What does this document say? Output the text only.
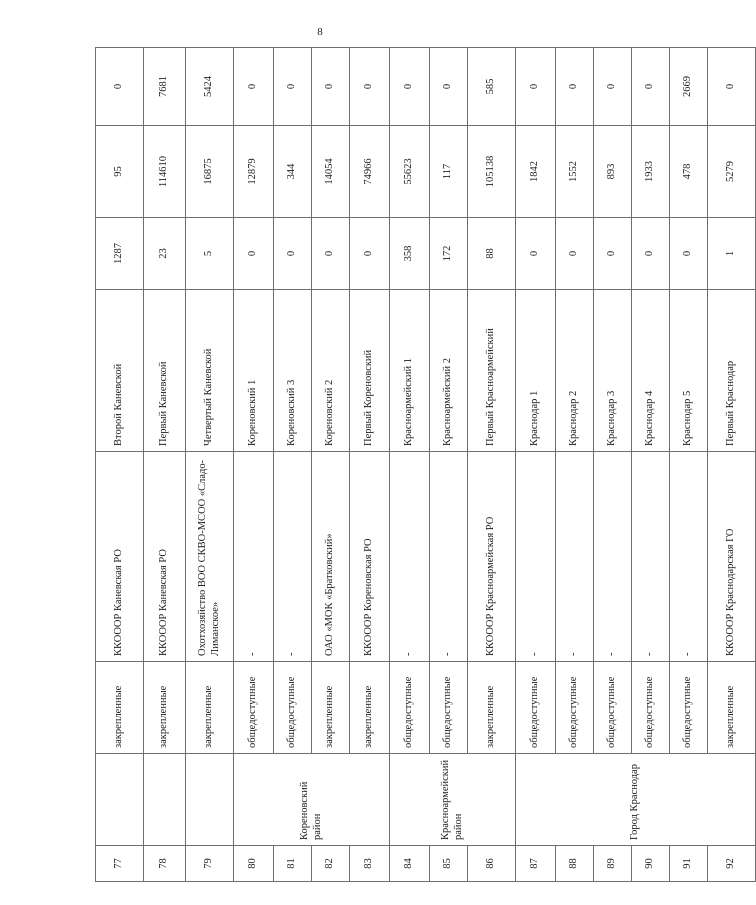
8
77		закрепленные	ККОООР Каневская РО	Второй Каневской	1287	95	0
78		закрепленные	ККОООР Каневская РО	Первый Каневской	23	114610	7681
79		закрепленные	Охотхозяйство ВОО СКВО-МСОО «Сладо-Лиманское»	Четвертый Каневской	5	16875	5424
80	Кореновский район	общедоступные	-	Кореновский 1	0	12879	0
81		общедоступные	-	Кореновский 3	0	344	0
82		закрепленные	ОАО «МОК «Братковский»	Кореновский 2	0	14054	0
83		закрепленные	ККОООР Кореновская РО	Первый Кореновский	0	74966	0
84	Красноармейский район	общедоступные	-	Красноармейский 1	358	55623	0
85		общедоступные	-	Красноармейский 2	172	117	0
86		закрепленные	ККОООР Красноармейская РО	Первый Красноармейский	88	105138	585
87	Город Краснодар	общедоступные	-	Краснодар 1	0	1842	0
88		общедоступные	-	Краснодар 2	0	1552	0
89		общедоступные	-	Краснодар 3	0	893	0
90		общедоступные	-	Краснодар 4	0	1933	0
91		общедоступные	-	Краснодар 5	0	478	2669
92		закрепленные	ККОООР Краснодарская ГО	Первый Краснодар	1	5279	0
